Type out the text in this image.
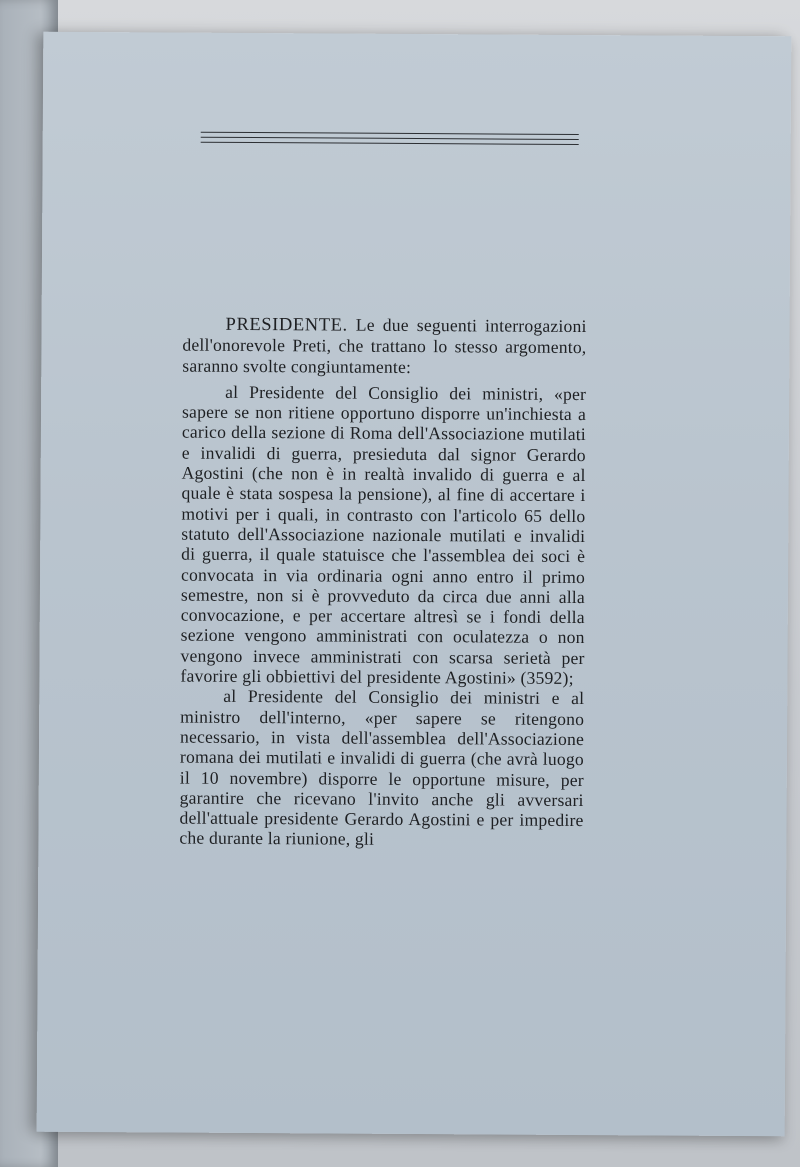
PRESIDENTE. Le due seguenti interrogazioni dell'onorevole Preti, che trattano lo stesso argomento, saranno svolte congiuntamente:

al Presidente del Consiglio dei ministri, «per sapere se non ritiene opportuno disporre un'inchiesta a carico della sezione di Roma dell'Associazione mutilati e invalidi di guerra, presieduta dal signor Gerardo Agostini (che non è in realtà invalido di guerra e al quale è stata sospesa la pensione), al fine di accertare i motivi per i quali, in contrasto con l'articolo 65 dello statuto dell'Associazione nazionale mutilati e invalidi di guerra, il quale statuisce che l'assemblea dei soci è convocata in via ordinaria ogni anno entro il primo semestre, non si è provveduto da circa due anni alla convocazione, e per accertare altresì se i fondi della sezione vengono amministrati con oculatezza o non vengono invece amministrati con scarsa serietà per favorire gli obbiettivi del presidente Agostini» (3592);

al Presidente del Consiglio dei ministri e al ministro dell'interno, «per sapere se ritengono necessario, in vista dell'assemblea dell'Associazione romana dei mutilati e invalidi di guerra (che avrà luogo il 10 novembre) disporre le opportune misure, per garantire che ricevano l'invito anche gli avversari dell'attuale presidente Gerardo Agostini e per impedire che durante la riunione, gli
